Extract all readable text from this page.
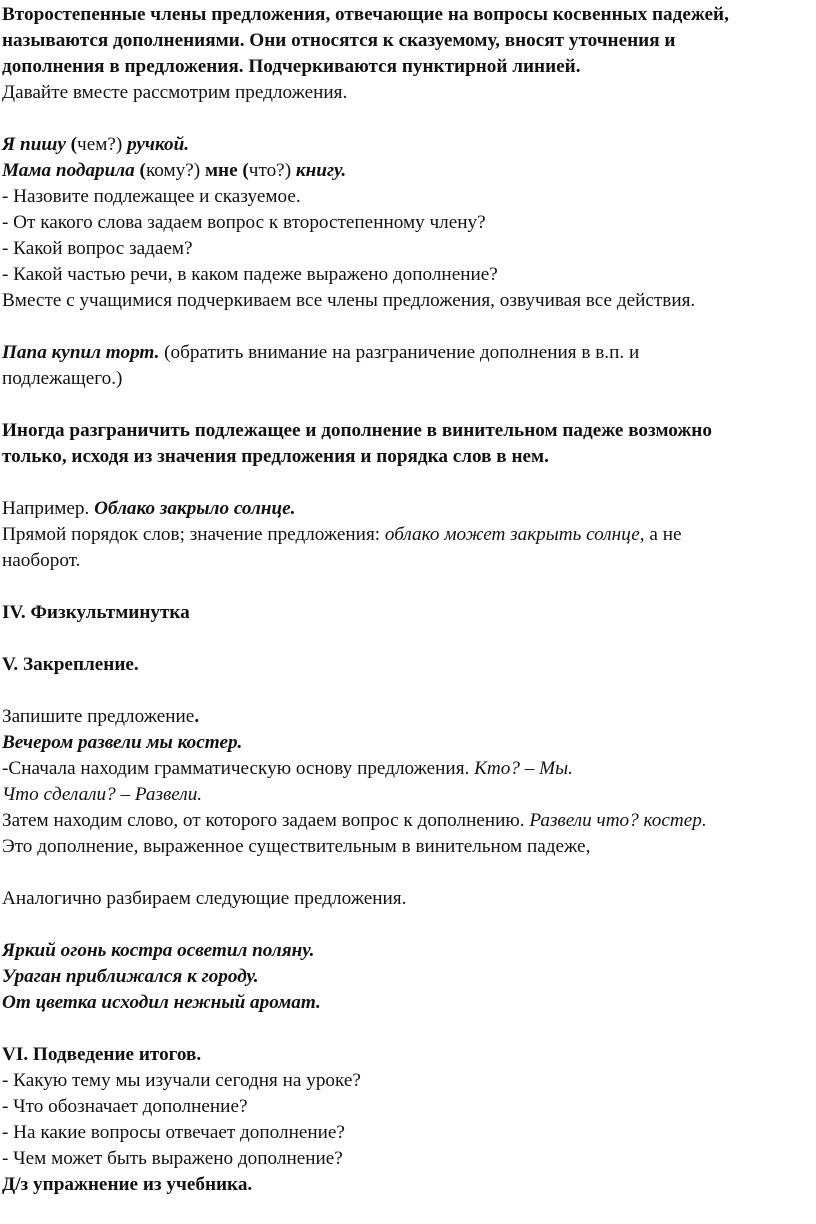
Второстепенные члены предложения, отвечающие на вопросы косвенных падежей,
называются дополнениями. Они относятся к сказуемому, вносят уточнения и
дополнения в предложения. Подчеркиваются пунктирной линией.
Давайте вместе рассмотрим предложения.
Я пишу (чем?) ручкой.
Мама подарила (кому?) мне (что?) книгу.
- Назовите подлежащее и сказуемое.
- От какого слова задаем вопрос к второстепенному члену?
- Какой вопрос задаем?
- Какой частью речи, в каком падеже выражено дополнение?
Вместе с учащимися подчеркиваем все члены предложения, озвучивая все действия.
Папа купил торт. (обратить внимание на разграничение дополнения в в.п. и
подлежащего.)
Иногда разграничить подлежащее и дополнение в винительном падеже возможно
только, исходя из значения предложения и порядка слов в нем.
Например. Облако закрыло солнце.
Прямой порядок слов; значение предложения: облако может закрыть солнце, а не
наоборот.
IV. Физкультминутка
V. Закрепление.
Запишите предложение.
Вечером развели мы костер.
-Сначала находим грамматическую основу предложения. Кто? – Мы.
Что сделали? – Развели.
Затем находим слово, от которого задаем вопрос к дополнению. Развели что? костер.
Это дополнение, выраженное существительным в винительном падеже,
Аналогично разбираем следующие предложения.
Яркий огонь костра осветил поляну.
Ураган приближался к городу.
От цветка исходил нежный аромат.
VI. Подведение итогов.
- Какую тему мы изучали сегодня на уроке?
- Что обозначает дополнение?
- На какие вопросы отвечает дополнение?
- Чем может быть выражено дополнение?
Д/з упражнение из учебника.
